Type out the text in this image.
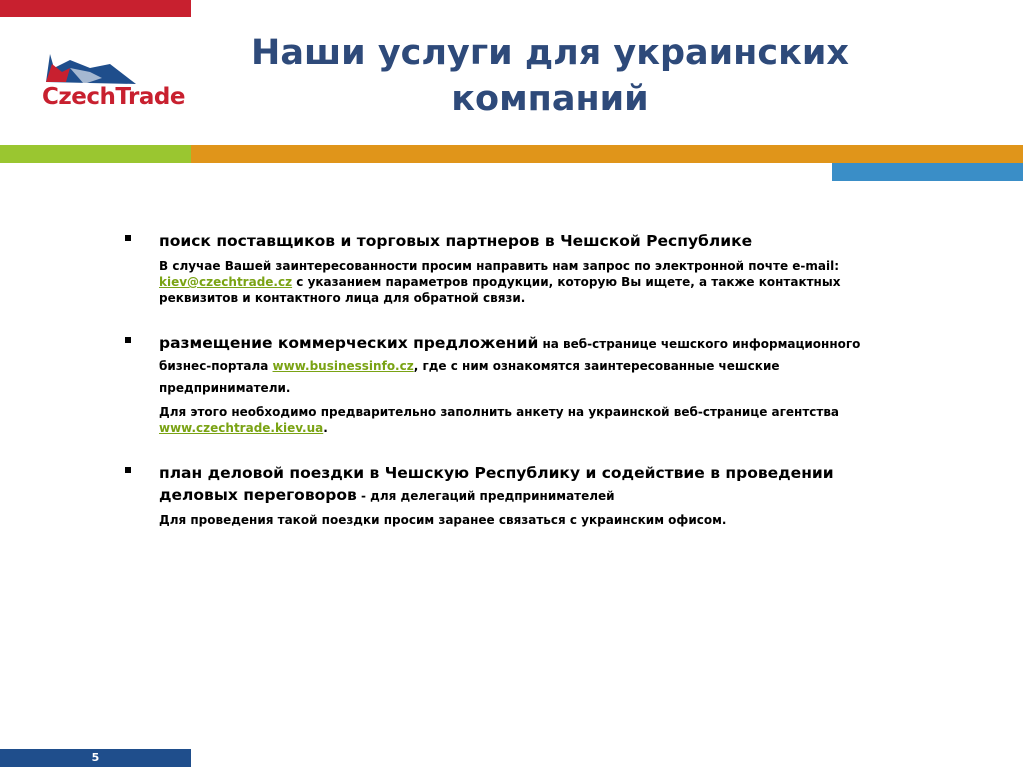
CzechTrade
Наши услуги для украинских компаний
поиск поставщиков и торговых партнеров в Чешской Республике

В случае Вашей заинтересованности просим направить нам запрос по электронной почте e-mail:
kiev@czechtrade.cz с указанием параметров продукции, которую Вы ищете, а также контактных реквизитов и контактного лица для обратной связи.

размещение коммерческих предложений на веб-странице чешского информационного бизнес-портала www.businessinfo.cz, где с ним ознакомятся заинтересованные чешские предприниматели.

Для этого необходимо предварительно заполнить анкету на украинской веб-странице агентства www.czechtrade.kiev.ua.

план деловой поездки в Чешскую Республику и содействие в проведении деловых переговоров - для делегаций предпринимателей

Для проведения такой поездки просим заранее связаться с украинским офисом.

5
